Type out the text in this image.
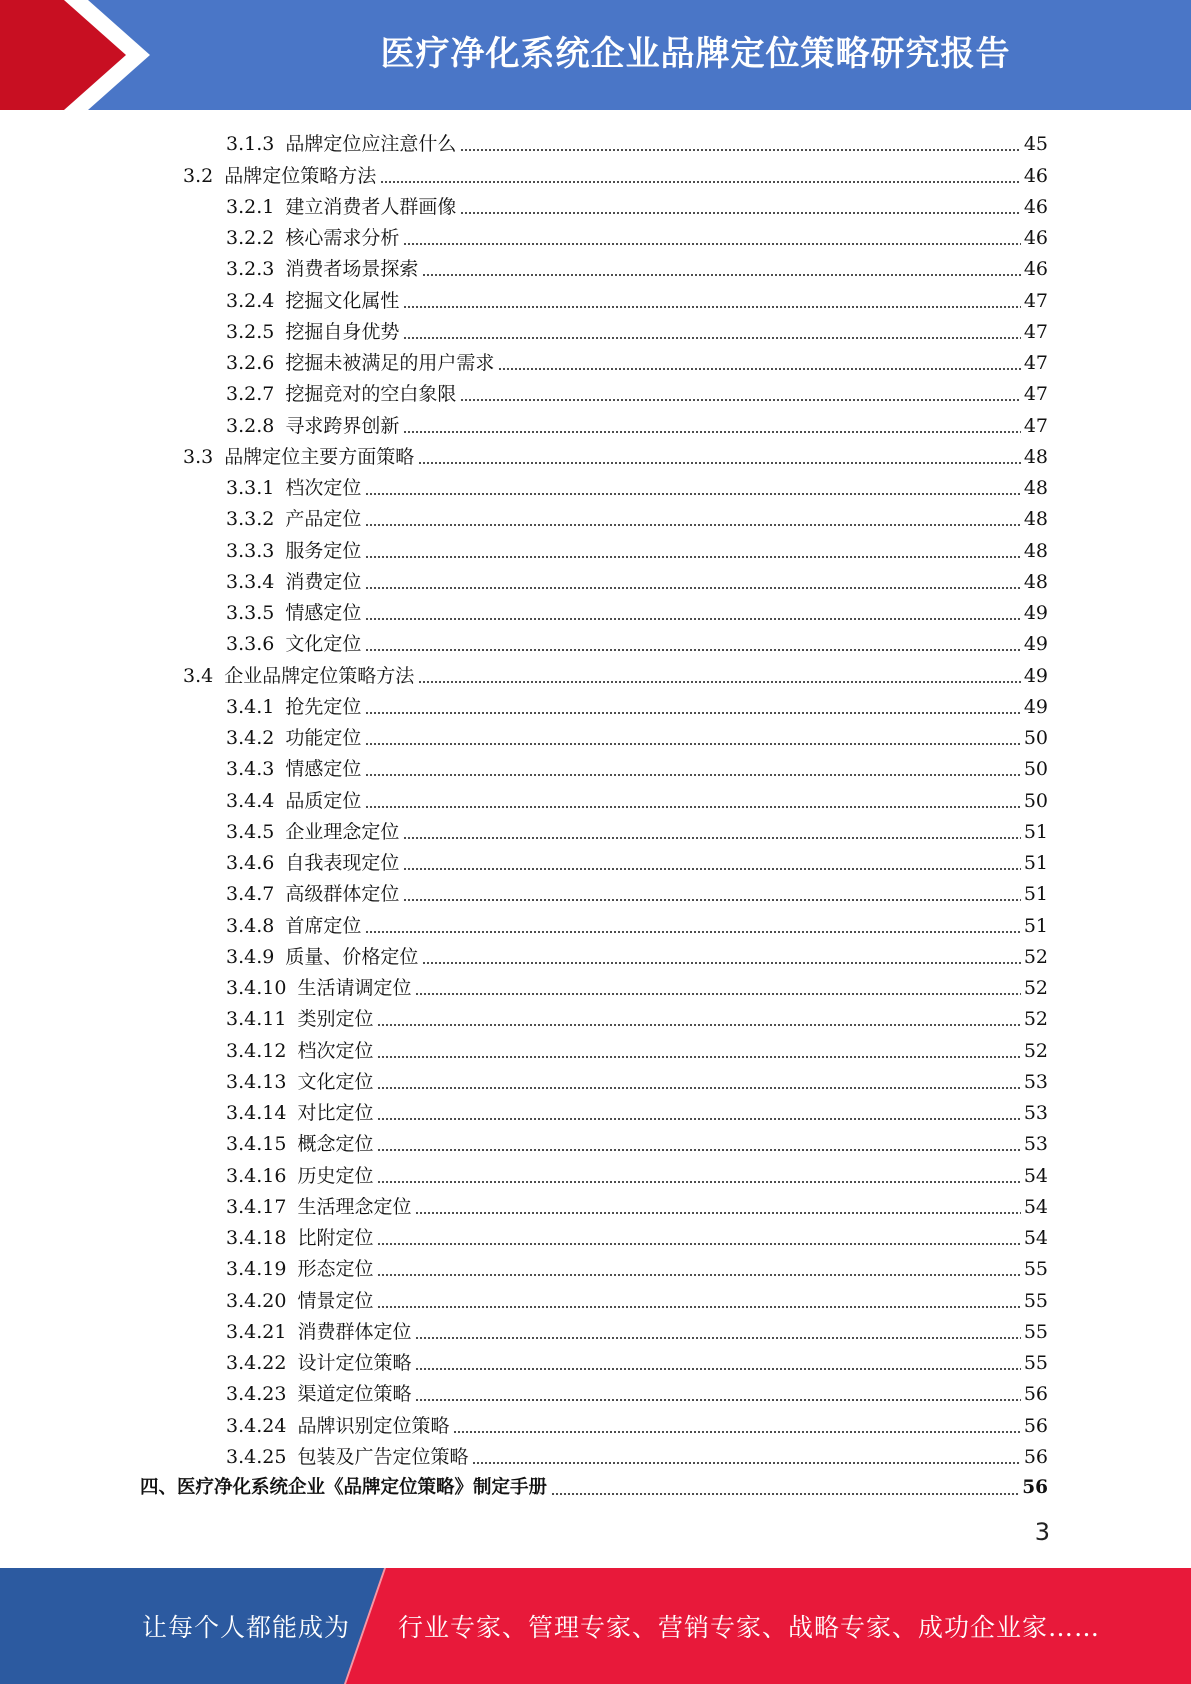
医疗净化系统企业品牌定位策略研究报告
3.1.3 品牌定位应注意什么	45
3.2 品牌定位策略方法	46
3.2.1 建立消费者人群画像	46
3.2.2 核心需求分析	46
3.2.3 消费者场景探索	46
3.2.4 挖掘文化属性	47
3.2.5 挖掘自身优势	47
3.2.6 挖掘未被满足的用户需求	47
3.2.7 挖掘竞对的空白象限	47
3.2.8 寻求跨界创新	47
3.3 品牌定位主要方面策略	48
3.3.1 档次定位	48
3.3.2 产品定位	48
3.3.3 服务定位	48
3.3.4 消费定位	48
3.3.5 情感定位	49
3.3.6 文化定位	49
3.4 企业品牌定位策略方法	49
3.4.1 抢先定位	49
3.4.2 功能定位	50
3.4.3 情感定位	50
3.4.4 品质定位	50
3.4.5 企业理念定位	51
3.4.6 自我表现定位	51
3.4.7 高级群体定位	51
3.4.8 首席定位	51
3.4.9 质量、价格定位	52
3.4.10 生活请调定位	52
3.4.11 类别定位	52
3.4.12 档次定位	52
3.4.13 文化定位	53
3.4.14 对比定位	53
3.4.15 概念定位	53
3.4.16 历史定位	54
3.4.17 生活理念定位	54
3.4.18 比附定位	54
3.4.19 形态定位	55
3.4.20 情景定位	55
3.4.21 消费群体定位	55
3.4.22 设计定位策略	55
3.4.23 渠道定位策略	56
3.4.24 品牌识别定位策略	56
3.4.25 包装及广告定位策略	56
四、 医疗净化系统企业《品牌定位策略》制定手册	56
3
让每个人都能成为 行业专家、管理专家、营销专家、战略专家、成功企业家……
